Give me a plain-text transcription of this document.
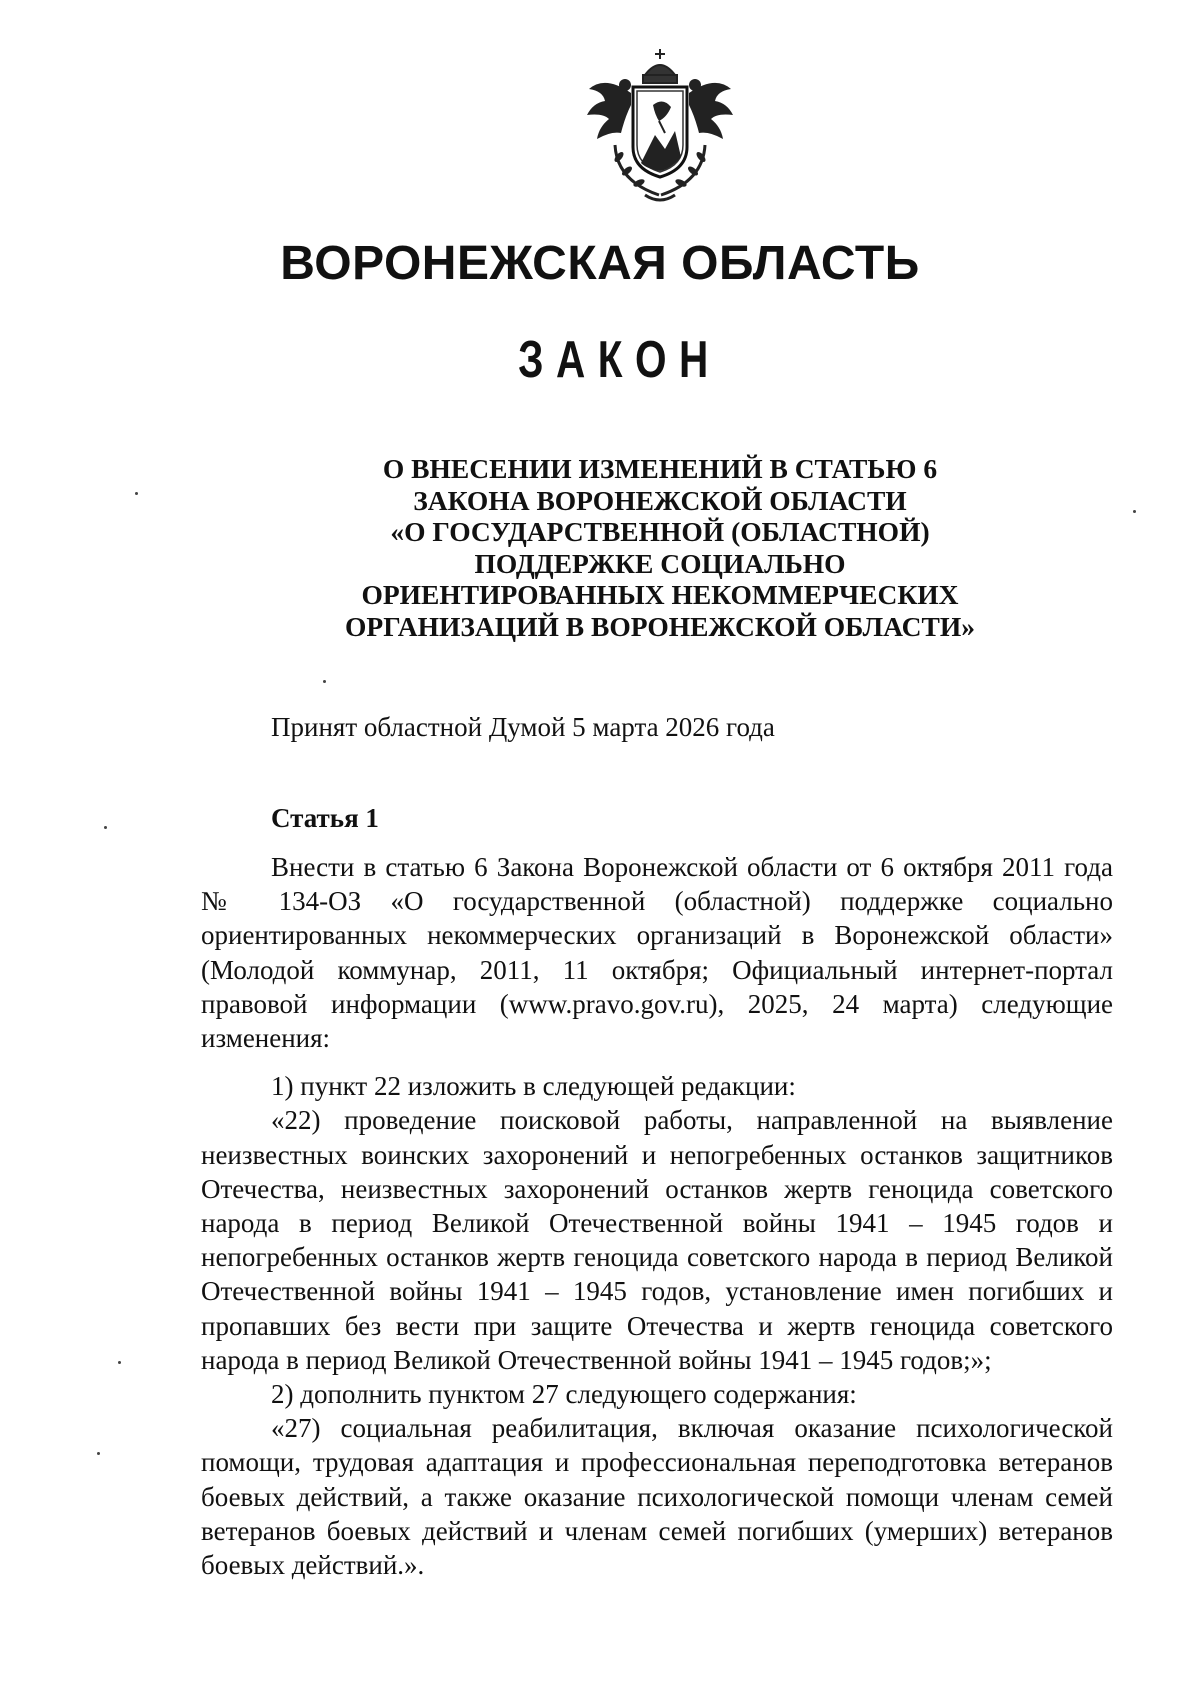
ВОРОНЕЖСКАЯ ОБЛАСТЬ
ЗАКОН
О ВНЕСЕНИИ ИЗМЕНЕНИЙ В СТАТЬЮ 6
ЗАКОНА ВОРОНЕЖСКОЙ ОБЛАСТИ
«О ГОСУДАРСТВЕННОЙ (ОБЛАСТНОЙ)
ПОДДЕРЖКЕ СОЦИАЛЬНО
ОРИЕНТИРОВАННЫХ НЕКОММЕРЧЕСКИХ
ОРГАНИЗАЦИЙ В ВОРОНЕЖСКОЙ ОБЛАСТИ»
Принят областной Думой 5 марта 2026 года
Статья 1

Внести в статью 6 Закона Воронежской области от 6 октября 2011 года № 134-ОЗ «О государственной (областной) поддержке социально ориентированных некоммерческих организаций в Воронежской области» (Молодой коммунар, 2011, 11 октября; Официальный интернет-портал правовой информации (www.pravo.gov.ru), 2025, 24 марта) следующие изменения:

1) пункт 22 изложить в следующей редакции:

«22) проведение поисковой работы, направленной на выявление неизвестных воинских захоронений и непогребенных останков защитников Отечества, неизвестных захоронений останков жертв геноцида советского народа в период Великой Отечественной войны 1941 – 1945 годов и непогребенных останков жертв геноцида советского народа в период Великой Отечественной войны 1941 – 1945 годов, установление имен погибших и пропавших без вести при защите Отечества и жертв геноцида советского народа в период Великой Отечественной войны 1941 – 1945 годов;»;

2) дополнить пунктом 27 следующего содержания:

«27) социальная реабилитация, включая оказание психологической помощи, трудовая адаптация и профессиональная переподготовка ветеранов боевых действий, а также оказание психологической помощи членам семей ветеранов боевых действий и членам семей погибших (умерших) ветеранов боевых действий.».
